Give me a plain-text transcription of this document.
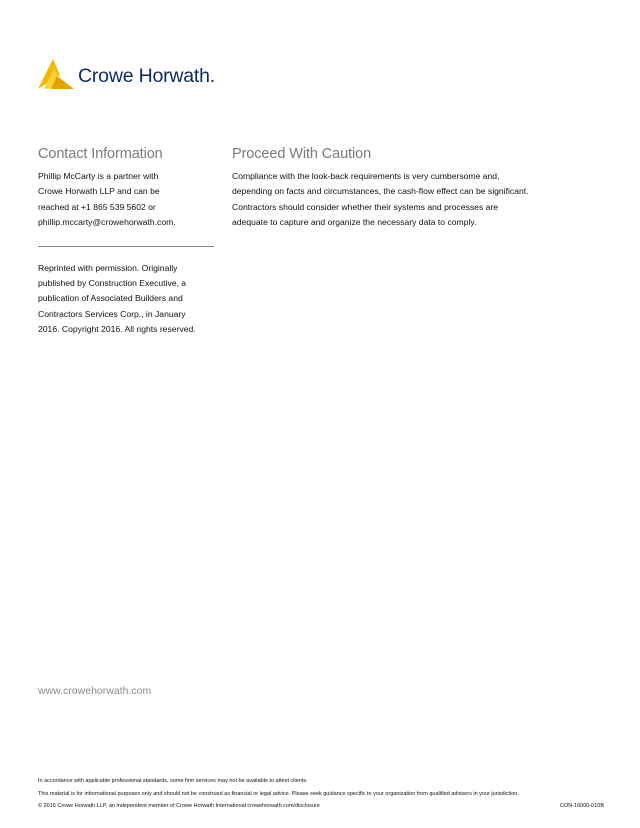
Crowe Horwath.
Contact Information

Phillip McCarty is a partner with
Crowe Horwath LLP and can be
reached at +1 865 539 5602 or
phillip.mccarty@crowehorwath.com.

Reprinted with permission. Originally
published by Construction Executive, a
publication of Associated Builders and
Contractors Services Corp., in January
2016. Copyright 2016. All rights reserved.

Proceed With Caution

Compliance with the look-back requirements is very cumbersome and,
depending on facts and circumstances, the cash-flow effect can be significant.
Contractors should consider whether their systems and processes are
adequate to capture and organize the necessary data to comply.

www.crowehorwath.com
In accordance with applicable professional standards, some firm services may not be available to attest clients.
This material is for informational purposes only and should not be construed as financial or legal advice. Please seek guidance specific to your organization from qualified advisers in your jurisdiction.
© 2016 Crowe Horwath LLP, an independent member of Crowe Horwath International crowehorwath.com/disclosure	CON-16000-010B
